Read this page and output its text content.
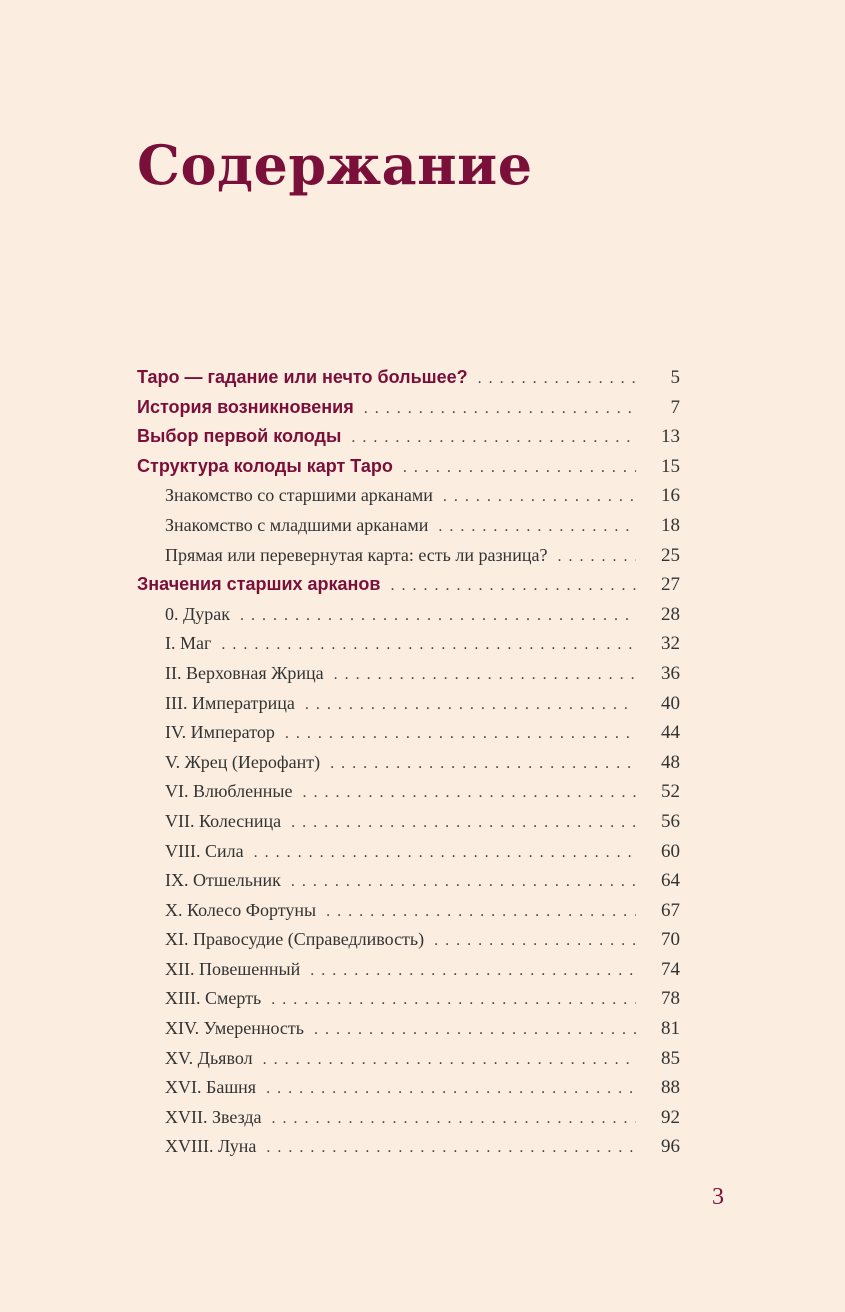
Содержание
Таро — гадание или нечто большее? . . .	5
История возникновения . . .	7
Выбор первой колоды . . .	13
Структура колоды карт Таро . . .	15
Знакомство со старшими арканами . . .	16
Знакомство с младшими арканами . . .	18
Прямая или перевернутая карта: есть ли разница? . . .	25
Значения старших арканов . . .	27
0. Дурак . . .	28
I. Маг . . .	32
II. Верховная Жрица . . .	36
III. Императрица . . .	40
IV. Император . . .	44
V. Жрец (Иерофант) . . .	48
VI. Влюбленные . . .	52
VII. Колесница . . .	56
VIII. Сила . . .	60
IX. Отшельник . . .	64
X. Колесо Фортуны . . .	67
XI. Правосудие (Справедливость) . . .	70
XII. Повешенный . . .	74
XIII. Смерть . . .	78
XIV. Умеренность . . .	81
XV. Дьявол . . .	85
XVI. Башня . . .	88
XVII. Звезда . . .	92
XVIII. Луна . . .	96
3
